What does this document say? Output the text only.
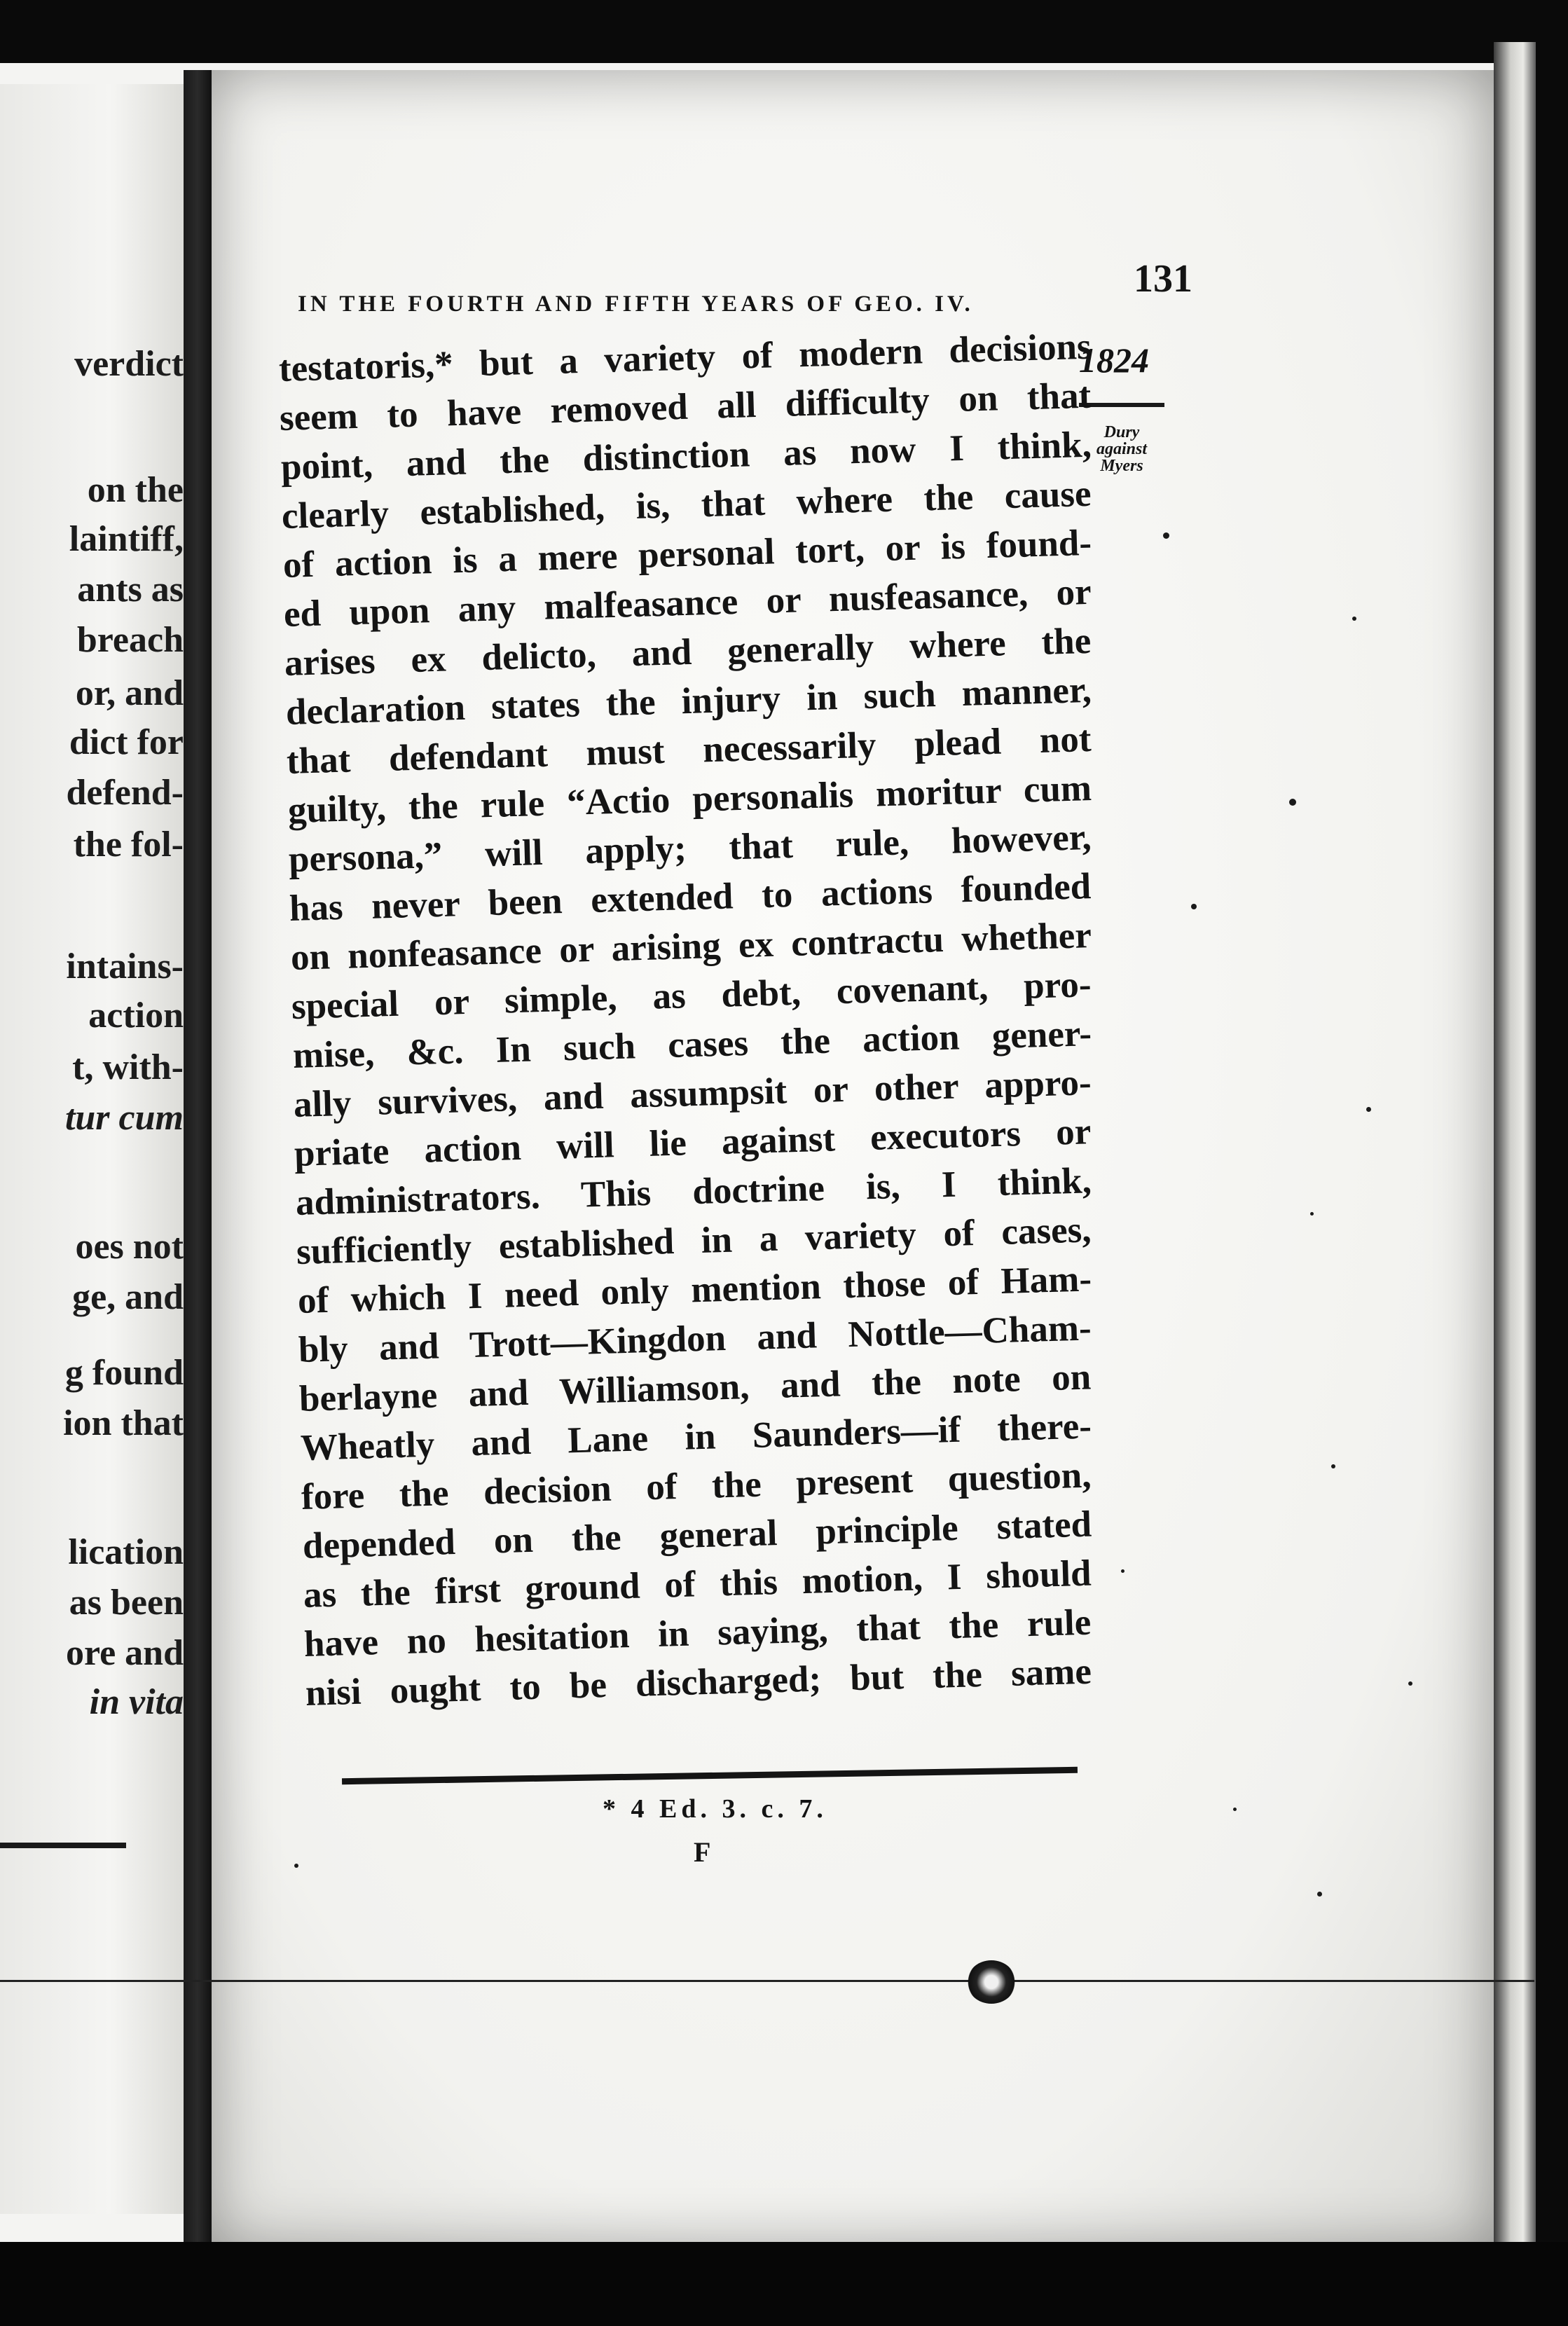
verdict
on the
laintiff,
ants as
breach
or, and
dict for
defend-
the fol-
intains-
action
t, with-
tur cum
oes not
ge, and
g found
ion that
lication
as been
ore and
in vita
IN THE FOURTH AND FIFTH YEARS OF GEO. IV.
131
1824
Dury
against
Myers
testatoris,* but a variety of modern decisions
seem to have removed all difficulty on that
point, and the distinction as now I think,
clearly established, is, that where the cause
of action is a mere personal tort, or is found-
ed upon any malfeasance or nusfeasance, or
arises ex delicto, and generally where the
declaration states the injury in such manner,
that defendant must necessarily plead not
guilty, the rule “Actio personalis moritur cum
persona,” will apply; that rule, however,
has never been extended to actions founded
on nonfeasance or arising ex contractu whether
special or simple, as debt, covenant, pro-
mise, &c. In such cases the action gener-
ally survives, and assumpsit or other appro-
priate action will lie against executors or
administrators. This doctrine is, I think,
sufficiently established in a variety of cases,
of which I need only mention those of Ham-
bly and Trott—Kingdon and Nottle—Cham-
berlayne and Williamson, and the note on
Wheatly and Lane in Saunders—if there-
fore the decision of the present question,
depended on the general principle stated
as the first ground of this motion, I should
have no hesitation in saying, that the rule
nisi ought to be discharged; but the same
* 4 Ed. 3. c. 7.
F
